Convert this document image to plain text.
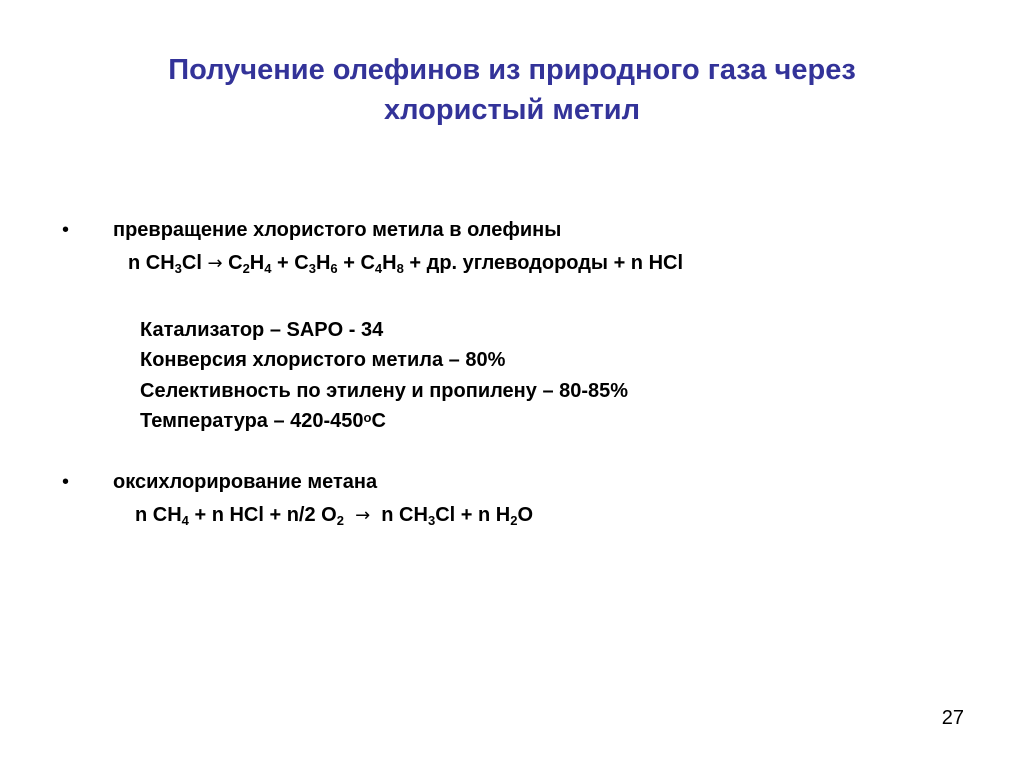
Получение олефинов из природного газа через
хлористый метил
• превращение хлористого метила в олефины
n $CH_3Cl \to C_2H_4 + C_3H_6 + C_4H_8$ + др. углеводороды + n HCl
Катализатор – SAPO - 34
Конверсия хлористого метила – 80%
Селективность по этилену и пропилену – 80-85%
Температура – $420-450^оС$
• оксихлорирование метана
n $CH_4 + n$ HCl + n/2 $O_2 \to n$ $CH_3Cl + n$ $H_2O$
27
